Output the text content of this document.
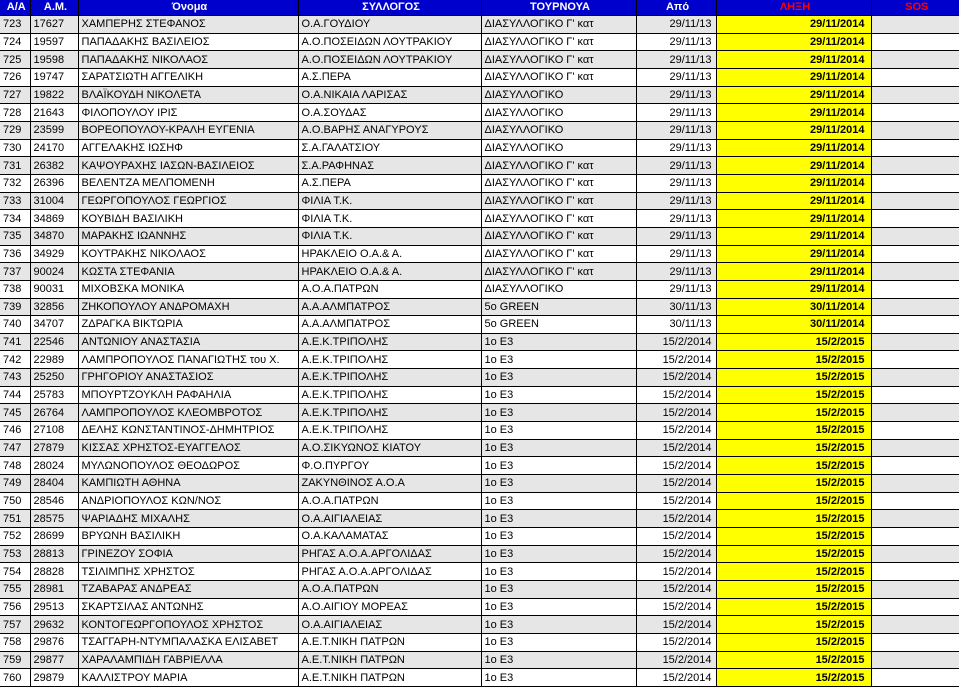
A/A	A.M.	Όνομα	ΣΥΛΛΟΓΟΣ	ΤΟΥΡΝΟΥΑ	Από	ΛΗΞΗ	SOS
723	17627	ΧΑΜΠΕΡΗΣ ΣΤΕΦΑΝΟΣ	Ο.Α.ΓΟΥΔΙΟΥ	ΔΙΑΣΥΛΛΟΓΙΚΟ Γ' κατ	29/11/13	29/11/2014	
724	19597	ΠΑΠΑΔΑΚΗΣ ΒΑΣΙΛΕΙΟΣ	Α.Ο.ΠΟΣΕΙΔΩΝ ΛΟΥΤΡΑΚΙΟΥ	ΔΙΑΣΥΛΛΟΓΙΚΟ Γ' κατ	29/11/13	29/11/2014	
725	19598	ΠΑΠΑΔΑΚΗΣ ΝΙΚΟΛΑΟΣ	Α.Ο.ΠΟΣΕΙΔΩΝ ΛΟΥΤΡΑΚΙΟΥ	ΔΙΑΣΥΛΛΟΓΙΚΟ Γ' κατ	29/11/13	29/11/2014	
726	19747	ΣΑΡΑΤΣΙΩΤΗ ΑΓΓΕΛΙΚΗ	Α.Σ.ΠΕΡΑ	ΔΙΑΣΥΛΛΟΓΙΚΟ Γ' κατ	29/11/13	29/11/2014	
727	19822	ΒΛΑΪΚΟΥΔΗ ΝΙΚΟΛΕΤΑ	Ο.Α.ΝΙΚΑΙΑ ΛΑΡΙΣΑΣ	ΔΙΑΣΥΛΛΟΓΙΚΟ	29/11/13	29/11/2014	
728	21643	ΦΙΛΟΠΟΥΛΟΥ ΙΡΙΣ	Ο.Α.ΣΟΥΔΑΣ	ΔΙΑΣΥΛΛΟΓΙΚΟ	29/11/13	29/11/2014	
729	23599	ΒΟΡΕΟΠΟΥΛΟΥ-ΚΡΑΛΗ ΕΥΓΕΝΙΑ	Α.Ο.ΒΑΡΗΣ ΑΝΑΓΥΡΟΥΣ	ΔΙΑΣΥΛΛΟΓΙΚΟ	29/11/13	29/11/2014	
730	24170	ΑΓΓΕΛΑΚΗΣ ΙΩΣΗΦ	Σ.Α.ΓΑΛΑΤΣΙΟΥ	ΔΙΑΣΥΛΛΟΓΙΚΟ	29/11/13	29/11/2014	
731	26382	ΚΑΨΟΥΡΑΧΗΣ ΙΑΣΩΝ-ΒΑΣΙΛΕΙΟΣ	Σ.Α.ΡΑΦΗΝΑΣ	ΔΙΑΣΥΛΛΟΓΙΚΟ Γ' κατ	29/11/13	29/11/2014	
732	26396	ΒΕΛΕΝΤΖΑ ΜΕΛΠΟΜΕΝΗ	Α.Σ.ΠΕΡΑ	ΔΙΑΣΥΛΛΟΓΙΚΟ Γ' κατ	29/11/13	29/11/2014	
733	31004	ΓΕΩΡΓΟΠΟΥΛΟΣ ΓΕΩΡΓΙΟΣ	ΦΙΛΙΑ Τ.Κ.	ΔΙΑΣΥΛΛΟΓΙΚΟ Γ' κατ	29/11/13	29/11/2014	
734	34869	ΚΟΥΒΙΔΗ ΒΑΣΙΛΙΚΗ	ΦΙΛΙΑ Τ.Κ.	ΔΙΑΣΥΛΛΟΓΙΚΟ Γ' κατ	29/11/13	29/11/2014	
735	34870	ΜΑΡΑΚΗΣ ΙΩΑΝΝΗΣ	ΦΙΛΙΑ Τ.Κ.	ΔΙΑΣΥΛΛΟΓΙΚΟ Γ' κατ	29/11/13	29/11/2014	
736	34929	ΚΟΥΤΡΑΚΗΣ ΝΙΚΟΛΑΟΣ	ΗΡΑΚΛΕΙΟ Ο.Α.& Α.	ΔΙΑΣΥΛΛΟΓΙΚΟ Γ' κατ	29/11/13	29/11/2014	
737	90024	ΚΩΣΤΑ ΣΤΕΦΑΝΙΑ	ΗΡΑΚΛΕΙΟ Ο.Α.& Α.	ΔΙΑΣΥΛΛΟΓΙΚΟ Γ' κατ	29/11/13	29/11/2014	
738	90031	ΜΙΧΟΒΣΚΑ ΜΟΝΙΚΑ	Α.Ο.Α.ΠΑΤΡΩΝ	ΔΙΑΣΥΛΛΟΓΙΚΟ	29/11/13	29/11/2014	
739	32856	ΖΗΚΟΠΟΥΛΟΥ ΑΝΔΡΟΜΑΧΗ	Α.Α.ΑΛΜΠΑΤΡΟΣ	5o GREEN	30/11/13	30/11/2014	
740	34707	ΖΔΡΑΓΚΑ ΒΙΚΤΩΡΙΑ	Α.Α.ΑΛΜΠΑΤΡΟΣ	5o GREEN	30/11/13	30/11/2014	
741	22546	ΑΝΤΩΝΙΟΥ ΑΝΑΣΤΑΣΙΑ	Α.Ε.Κ.ΤΡΙΠΟΛΗΣ	1o E3	15/2/2014	15/2/2015	
742	22989	ΛΑΜΠΡΟΠΟΥΛΟΣ ΠΑΝΑΓΙΩΤΗΣ του Χ.	Α.Ε.Κ.ΤΡΙΠΟΛΗΣ	1o E3	15/2/2014	15/2/2015	
743	25250	ΓΡΗΓΟΡΙΟΥ ΑΝΑΣΤΑΣΙΟΣ	Α.Ε.Κ.ΤΡΙΠΟΛΗΣ	1o E3	15/2/2014	15/2/2015	
744	25783	ΜΠΟΥΡΤΖΟΥΚΛΗ ΡΑΦΑΗΛΙΑ	Α.Ε.Κ.ΤΡΙΠΟΛΗΣ	1o E3	15/2/2014	15/2/2015	
745	26764	ΛΑΜΠΡΟΠΟΥΛΟΣ ΚΛΕΟΜΒΡΟΤΟΣ	Α.Ε.Κ.ΤΡΙΠΟΛΗΣ	1o E3	15/2/2014	15/2/2015	
746	27108	ΔΕΛΗΣ ΚΩΝΣΤΑΝΤΙΝΟΣ-ΔΗΜΗΤΡΙΟΣ	Α.Ε.Κ.ΤΡΙΠΟΛΗΣ	1o E3	15/2/2014	15/2/2015	
747	27879	ΚΙΣΣΑΣ ΧΡΗΣΤΟΣ-ΕΥΑΓΓΕΛΟΣ	Α.Ο.ΣΙΚΥΩΝΟΣ ΚΙΑΤΟΥ	1o E3	15/2/2014	15/2/2015	
748	28024	ΜΥΛΩΝΟΠΟΥΛΟΣ ΘΕΟΔΩΡΟΣ	Φ.Ο.ΠΥΡΓΟΥ	1o E3	15/2/2014	15/2/2015	
749	28404	ΚΑΜΠΙΩΤΗ ΑΘΗΝΑ	ΖΑΚΥΝΘΙΝΟΣ Α.Ο.Α	1o E3	15/2/2014	15/2/2015	
750	28546	ΑΝΔΡΙΟΠΟΥΛΟΣ ΚΩΝ/ΝΟΣ	Α.Ο.Α.ΠΑΤΡΩΝ	1o E3	15/2/2014	15/2/2015	
751	28575	ΨΑΡΙΑΔΗΣ ΜΙΧΑΛΗΣ	Ο.Α.ΑΙΓΙΑΛΕΙΑΣ	1o E3	15/2/2014	15/2/2015	
752	28699	ΒΡΥΩΝΗ ΒΑΣΙΛΙΚΗ	Ο.Α.ΚΑΛΑΜΑΤΑΣ	1o E3	15/2/2014	15/2/2015	
753	28813	ΓΡΙΝΕΖΟΥ ΣΟΦΙΑ	ΡΗΓΑΣ Α.Ο.Α.ΑΡΓΟΛΙΔΑΣ	1o E3	15/2/2014	15/2/2015	
754	28828	ΤΣΙΛΙΜΠΗΣ ΧΡΗΣΤΟΣ	ΡΗΓΑΣ Α.Ο.Α.ΑΡΓΟΛΙΔΑΣ	1o E3	15/2/2014	15/2/2015	
755	28981	ΤΖΑΒΑΡΑΣ ΑΝΔΡΕΑΣ	Α.Ο.Α.ΠΑΤΡΩΝ	1o E3	15/2/2014	15/2/2015	
756	29513	ΣΚΑΡΤΣΙΛΑΣ ΑΝΤΩΝΗΣ	Α.Ο.ΑΙΓΙΟΥ ΜΟΡΕΑΣ	1o E3	15/2/2014	15/2/2015	
757	29632	ΚΟΝΤΟΓΕΩΡΓΟΠΟΥΛΟΣ ΧΡΗΣΤΟΣ	Ο.Α.ΑΙΓΙΑΛΕΙΑΣ	1o E3	15/2/2014	15/2/2015	
758	29876	ΤΣΑΓΓΑΡΗ-ΝΤΥΜΠΑΛΑΣΚΑ ΕΛΙΣΑΒΕΤ	Α.Ε.Τ.ΝΙΚΗ ΠΑΤΡΩΝ	1o E3	15/2/2014	15/2/2015	
759	29877	ΧΑΡΑΛΑΜΠΙΔΗ ΓΑΒΡΙΕΛΛΑ	Α.Ε.Τ.ΝΙΚΗ ΠΑΤΡΩΝ	1o E3	15/2/2014	15/2/2015	
760	29879	ΚΑΛΛΙΣΤΡΟΥ ΜΑΡΙΑ	Α.Ε.Τ.ΝΙΚΗ ΠΑΤΡΩΝ	1o E3	15/2/2014	15/2/2015	
